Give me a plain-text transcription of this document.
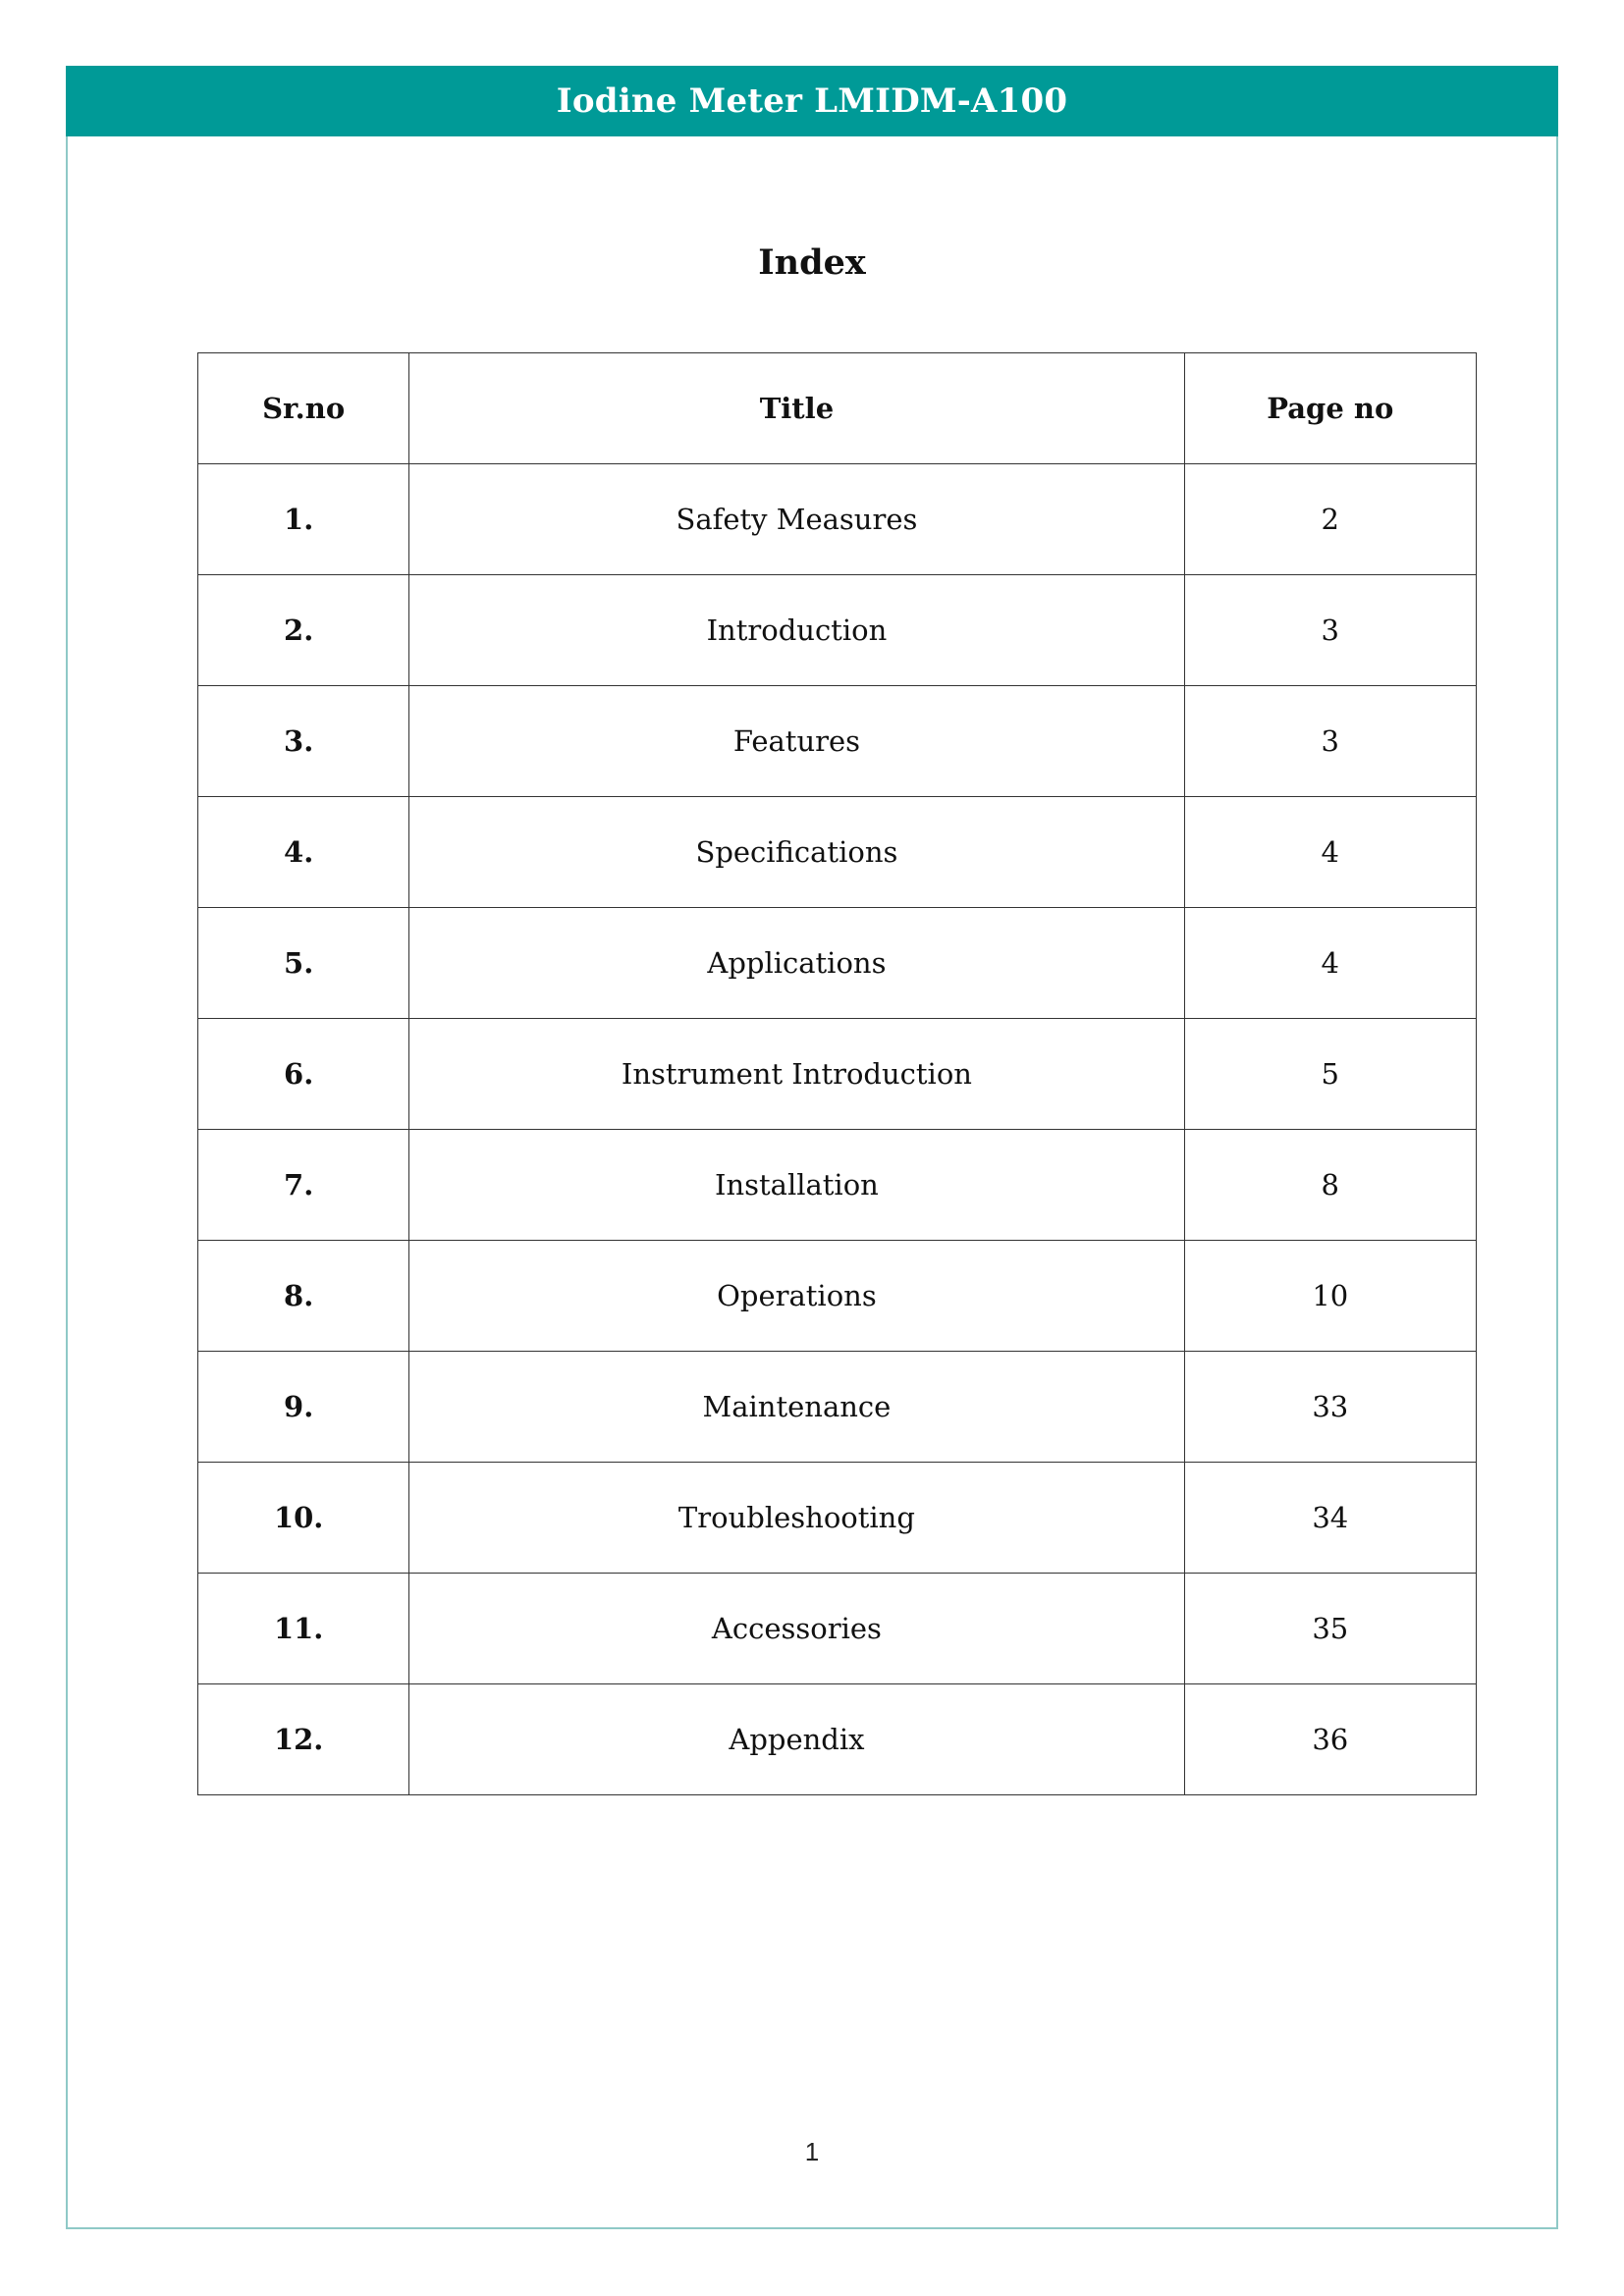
Iodine Meter LMIDM-A100
Index
Sr.no	Title	Page no
1.	Safety Measures	2
2.	Introduction	3
3.	Features	3
4.	Specifications	4
5.	Applications	4
6.	Instrument Introduction	5
7.	Installation	8
8.	Operations	10
9.	Maintenance	33
10.	Troubleshooting	34
11.	Accessories	35
12.	Appendix	36
1
